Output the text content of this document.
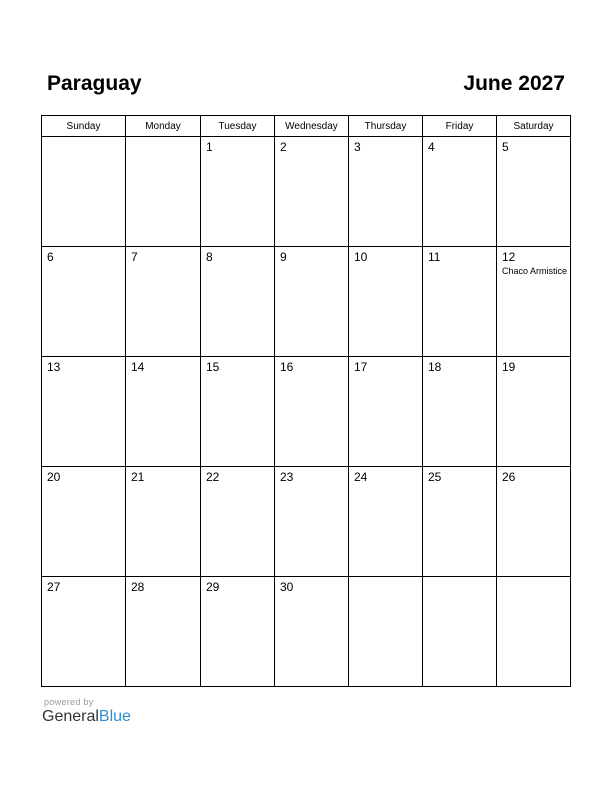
Paraguay	June 2027
Sunday	Monday	Tuesday	Wednesday	Thursday	Friday	Saturday

		1	2	3	4	5

6	7	8	9	10	11	12
Chaco Armistice

13	14	15	16	17	18	19

20	21	22	23	24	25	26

27	28	29	30			

powered by
GeneralBlue
